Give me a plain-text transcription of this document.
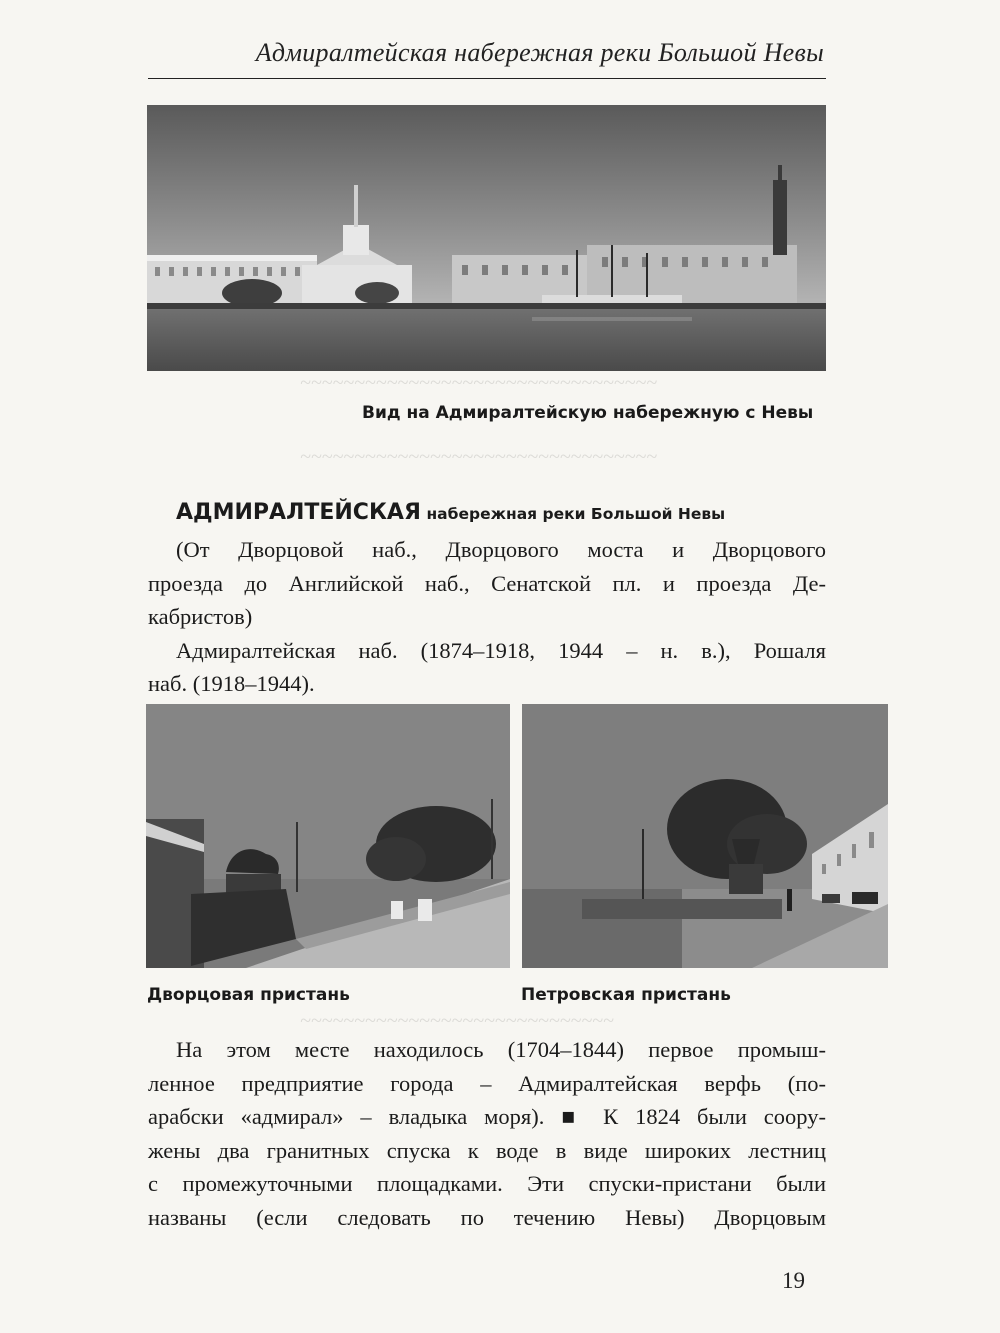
~~~~~~~~~~~~~~~~~~~~~~~~~~~~~~~~~
~~~~~~~~~~~~~~~~~~~~~~~~~~~~~~~~~
~~~~~~~~~~~~~~~~~~~~~~~~~~~~~
Адмиралтейская набережная реки Большой Невы
Вид на Адмиралтейскую набережную с Невы
АДМИРАЛТЕЙСКАЯ набережная реки Большой Невы
(От Дворцовой наб., Дворцового моста и Дворцового
проезда до Английской наб., Сенатской пл. и проезда Де-
кабристов)
Адмиралтейская наб. (1874–1918, 1944 – н. в.), Рошаля
наб. (1918–1944).
Дворцовая пристань	Петровская пристань
На этом месте находилось (1704–1844) первое промыш-
ленное предприятие города – Адмиралтейская верфь (по-
арабски «адмирал» – владыка моря). ■ К 1824 были соору-
жены два гранитных спуска к воде в виде широких лестниц
с промежуточными площадками. Эти спуски-пристани были
названы (если следовать по течению Невы) Дворцовым
19
